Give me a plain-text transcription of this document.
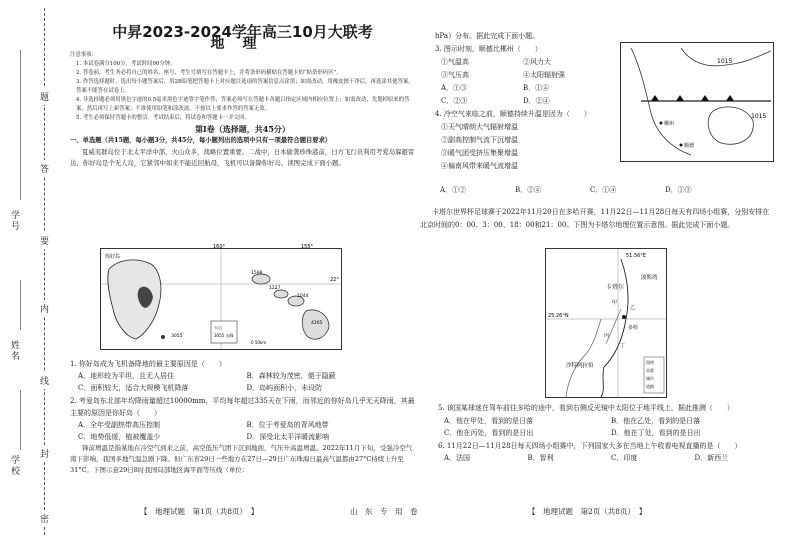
题
答
要
内
线
封
密
学号
姓名
学校
中昇2023-2024学年高三10月大联考
地理
注意事项：
1. 本试卷满分100分，考试时间90分钟。
2. 答卷前，考生务必将自己的姓名、座号、考生号填写在答题卡上，并将条形码横贴在答题卡的“贴条形码区”。
3. 作答选择题时，选出每小题答案后，用2B铅笔把答题卡上对应题目选项的答案信息点涂黑；如需改动，用橡皮擦干净后，再选涂其他答案。答案不能答在试卷上。
4. 非选择题必须用黑色字迹的0.5毫米黑色字迹签字笔作答，答案必须写在答题卡各题目指定区域内相应位置上；如需改动，先划掉原来的答案，然后再写上新答案；不准使用铅笔和涂改液。不按以上要求作答的答案无效。
5. 考生必须保持答题卡的整洁。考试结束后，将试卷和答题卡一并交回。
第Ⅰ卷（选择题，共45分）
一、单选题（共15题，每小题3分，共45分，每小题列出的选项中只有一项最符合题目要求）
夏威夷群岛位于北太平洋中部，火山众多，战略位置重要。二战中，日本偷袭珍珠港前，日方飞行员利用考爱岛躲避雷达，你好岛是个无人岛，它紧邻中如来不能近回航母，飞机可以备降你好岛。读图完成下面小题。
你好岛
160°	155°
22°
1598
1227
1044
4205
3055
火山
3055 山峰
0 50km
1. 你好岛成为飞机备降地的最主要原因是（　　）
A．地形较为平坦，且无人居住	B．森林较为茂密，便于隐蔽
C．面积较大，适合大规模飞机降落	D．岛屿面积小，未设防
2. 考爱岛东北部年均降雨量超过10000mm，平均每年超过335天在下雨，而邻近的你好岛几乎无天降雨，其最主要的原因是你好岛（　　）
A．全年受副热带高压控制	B．位于考爱岛的背风地带
C．地势低缓，植被覆盖少	D．深受北太平洋暖流影响
锋前增温是指某地在冷空气到来之前，高空低压气团下沉到地面，气压升高温增温。2022年11月下旬，受强冷空气南下影响，我国多地气温急剧下降。但广东省29日一些地方在27日—29日广东珠海日最高气温都由27°C持续上升至31°C。下图示意29日8时我国局部地区海平面等压线（单位：
hPa）分布。据此完成下面小题。
3. 图示时刻，顺德比郴州（　　）
①气温高	②风力大
③气压高	④太阳辐射强
A．①③	B．①④
C．②③	D．②④
4. 冷空气来临之前，顺德持续升温是因为（　　）
①天气晴朗大气辐射增温
②副高控制气流下沉增温
③暖气团受挤压集聚增温
④偏南风带来暖气流增温
A．①②	B．②④	C．①④	D．①③
1015
1015
郴州
顺德
卡塔尔世界杯足球赛于2022年11月20日在多哈开赛，11月22日—11月28日每天有四场小组赛，分别安排在北京时间的0：00、3：00、18：00和21：00。下图为卡塔尔地理位置示意图。据此完成下面小题。
51.56°E
25.26°N
波斯湾
卡塔尔
多哈
沙特阿拉伯
甲
乙
丙
丁
图例
首都
城市
道路
5. 该国某球迷在驾车前往多哈的途中，看到右侧反光镜中太阳位于地平线上，据此推测（　　）
A．他在甲处，看到的是日落	B．他在乙处，看到的是日落
C．他在丙处，看到的是日出	D．他在丁处，看到的是日出
6. 11月22日—11月28日每天四场小组赛中，下列国家大多在当地上午收看电视直播的是（　　）
A．法国	B．智利	C．印度	D．新西兰
【　地理试题　第1页（共8页）　】	山　东　专　用　卷	【　地理试题　第2页（共8页）　】
